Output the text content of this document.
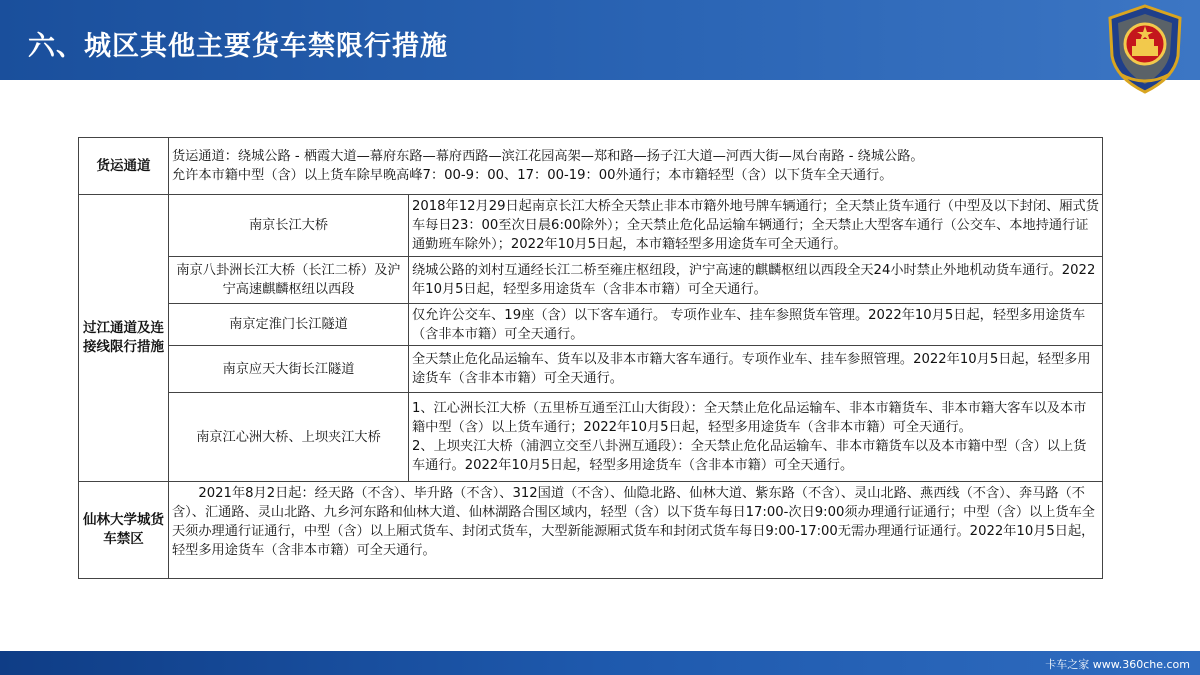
六、城区其他主要货车禁限行措施
货运通道	货运通道：绕城公路 - 栖霞大道—幕府东路—幕府西路—滨江花园高架—郑和路—扬子江大道—河西大街—凤台南路 - 绕城公路。
允许本市籍中型（含）以上货车除早晚高峰7：00-9：00、17：00-19：00外通行；本市籍轻型（含）以下货车全天通行。	

过江通道及连接线限行措施	南京长江大桥	2018年12月29日起南京长江大桥全天禁止非本市籍外地号牌车辆通行；全天禁止货车通行（中型及以下封闭、厢式货车每日23：00至次日晨6:00除外）；全天禁止危化品运输车辆通行；全天禁止大型客车通行（公交车、本地持通行证通勤班车除外）；2022年10月5日起，本市籍轻型多用途货车可全天通行。
	南京八卦洲长江大桥（长江二桥）及沪宁高速麒麟枢纽以西段	绕城公路的刘村互通经长江二桥至雍庄枢纽段，沪宁高速的麒麟枢纽以西段全天24小时禁止外地机动货车通行。2022年10月5日起，轻型多用途货车（含非本市籍）可全天通行。
	南京定淮门长江隧道	仅允许公交车、19座（含）以下客车通行。 专项作业车、挂车参照货车管理。2022年10月5日起，轻型多用途货车（含非本市籍）可全天通行。
	南京应天大街长江隧道	全天禁止危化品运输车、货车以及非本市籍大客车通行。专项作业车、挂车参照管理。2022年10月5日起，轻型多用途货车（含非本市籍）可全天通行。
	南京江心洲大桥、上坝夹江大桥	1、江心洲长江大桥（五里桥互通至江山大街段）：全天禁止危化品运输车、非本市籍货车、非本市籍大客车以及本市籍中型（含）以上货车通行；2022年10月5日起，轻型多用途货车（含非本市籍）可全天通行。
2、上坝夹江大桥（浦泗立交至八卦洲互通段）：全天禁止危化品运输车、非本市籍货车以及本市籍中型（含）以上货车通行。2022年10月5日起，轻型多用途货车（含非本市籍）可全天通行。

仙林大学城货车禁区	2021年8月2日起：经天路（不含）、毕升路（不含）、312国道（不含）、仙隐北路、仙林大道、紫东路（不含）、灵山北路、燕西线（不含）、奔马路（不含）、汇通路、灵山北路、九乡河东路和仙林大道、仙林湖路合围区域内，轻型（含）以下货车每日17:00-次日9:00须办理通行证通行；中型（含）以上货车全天须办理通行证通行，中型（含）以上厢式货车、封闭式货车，大型新能源厢式货车和封闭式货车每日9:00-17:00无需办理通行证通行。2022年10月5日起，轻型多用途货车（含非本市籍）可全天通行。	
卡车之家 www.360che.com
